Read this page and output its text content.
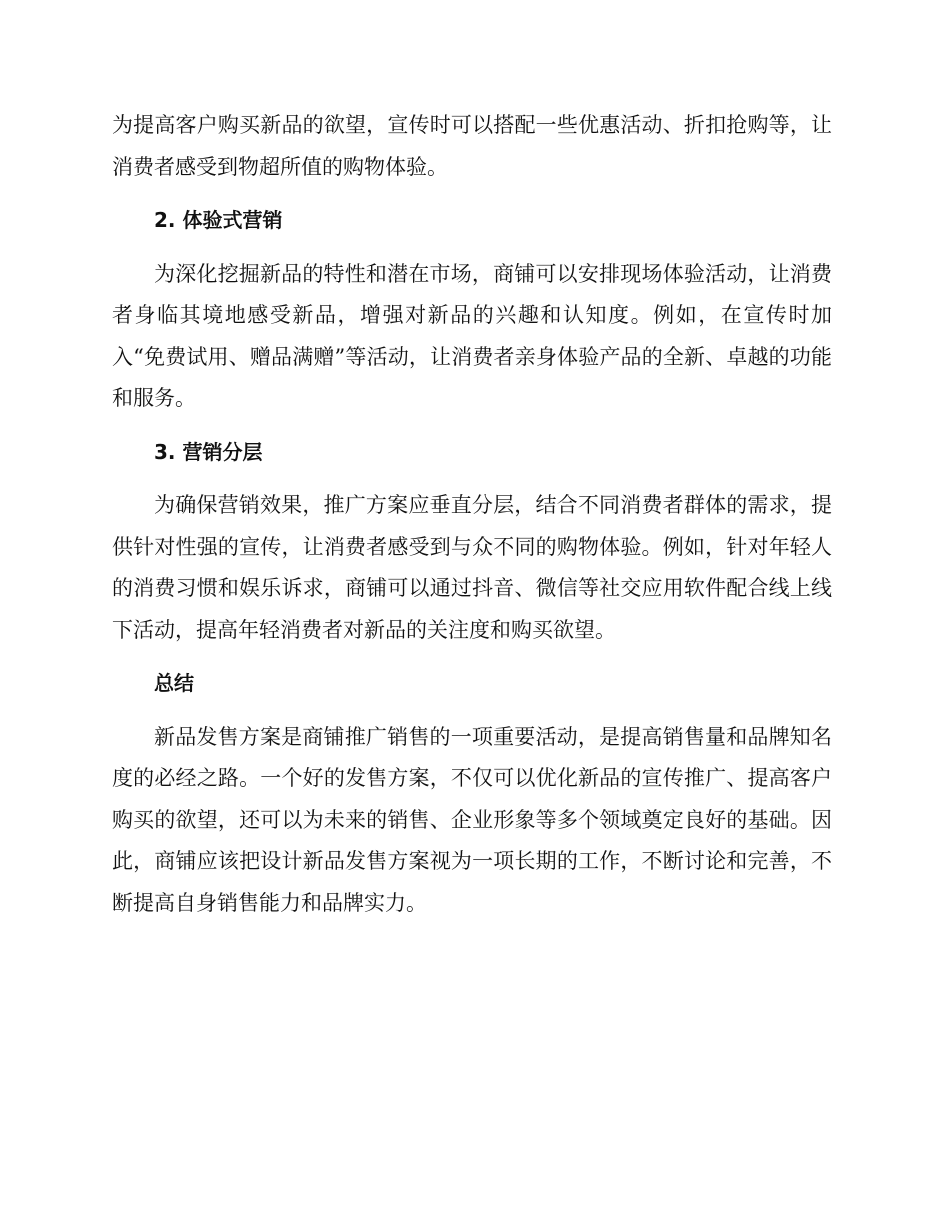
为提高客户购买新品的欲望，宣传时可以搭配一些优惠活动、折扣抢购等，让消费者感受到物超所值的购物体验。

2. 体验式营销

为深化挖掘新品的特性和潜在市场，商铺可以安排现场体验活动，让消费者身临其境地感受新品，增强对新品的兴趣和认知度。例如，在宣传时加入“免费试用、赠品满赠”等活动，让消费者亲身体验产品的全新、卓越的功能和服务。

3. 营销分层

为确保营销效果，推广方案应垂直分层，结合不同消费者群体的需求，提供针对性强的宣传，让消费者感受到与众不同的购物体验。例如，针对年轻人的消费习惯和娱乐诉求，商铺可以通过抖音、微信等社交应用软件配合线上线下活动，提高年轻消费者对新品的关注度和购买欲望。

总结

新品发售方案是商铺推广销售的一项重要活动，是提高销售量和品牌知名度的必经之路。一个好的发售方案，不仅可以优化新品的宣传推广、提高客户购买的欲望，还可以为未来的销售、企业形象等多个领域奠定良好的基础。因此，商铺应该把设计新品发售方案视为一项长期的工作，不断讨论和完善，不断提高自身销售能力和品牌实力。
